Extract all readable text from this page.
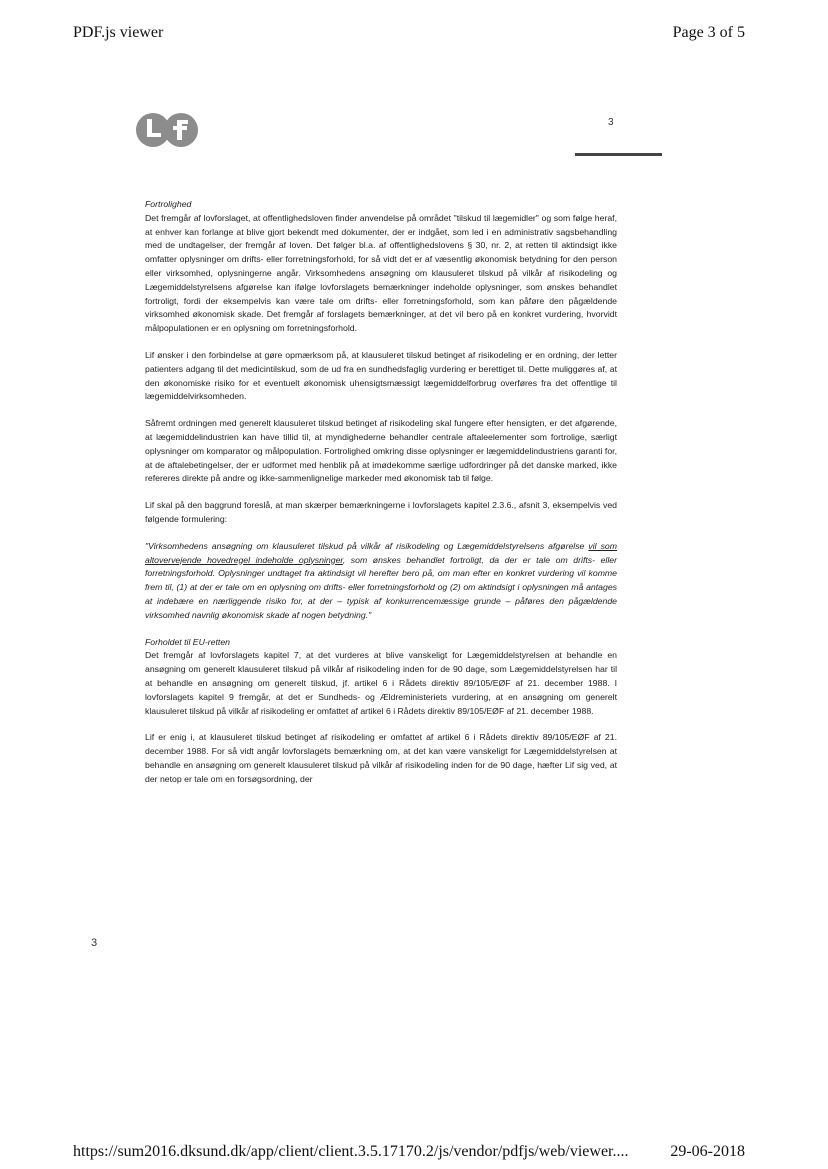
PDF.js viewer	Page 3 of 5
3
Fortrolighed

Det fremgår af lovforslaget, at offentlighedsloven finder anvendelse på området "tilskud til lægemidler" og som følge heraf, at enhver kan forlange at blive gjort bekendt med dokumenter, der er indgået, som led i en administrativ sagsbehandling med de undtagelser, der fremgår af loven. Det følger bl.a. af offentlighedslovens § 30, nr. 2, at retten til aktindsigt ikke omfatter oplysninger om drifts- eller forretningsforhold, for så vidt det er af væsentlig økonomisk betydning for den person eller virksomhed, oplysningerne angår. Virksomhedens ansøgning om klausuleret tilskud på vilkår af risikodeling og Lægemiddelstyrelsens afgørelse kan ifølge lovforslagets bemærkninger indeholde oplysninger, som ønskes behandlet fortroligt, fordi der eksempelvis kan være tale om drifts- eller forretningsforhold, som kan påføre den pågældende virksomhed økonomisk skade. Det fremgår af forslagets bemærkninger, at det vil bero på en konkret vurdering, hvorvidt målpopulationen er en oplysning om forretningsforhold.

Lif ønsker i den forbindelse at gøre opmærksom på, at klausuleret tilskud betinget af risikodeling er en ordning, der letter patienters adgang til det medicintilskud, som de ud fra en sundhedsfaglig vurdering er berettiget til. Dette muliggøres af, at den økonomiske risiko for et eventuelt økonomisk uhensigtsmæssigt lægemiddelforbrug overføres fra det offentlige til lægemiddelvirksomheden.

Såfremt ordningen med generelt klausuleret tilskud betinget af risikodeling skal fungere efter hensigten, er det afgørende, at lægemiddelindustrien kan have tillid til, at myndighederne behandler centrale aftaleelementer som fortrolige, særligt oplysninger om komparator og målpopulation. Fortrolighed omkring disse oplysninger er lægemiddelindustriens garanti for, at de aftalebetingelser, der er udformet med henblik på at imødekomme særlige udfordringer på det danske marked, ikke refereres direkte på andre og ikke-sammenlignelige markeder med økonomisk tab til følge.

Lif skal på den baggrund foreslå, at man skærper bemærkningerne i lovforslagets kapitel 2.3.6., afsnit 3, eksempelvis ved følgende formulering:

"Virksomhedens ansøgning om klausuleret tilskud på vilkår af risikodeling og Lægemiddelstyrelsens afgørelse vil som altovervejende hovedregel indeholde oplysninger, som ønskes behandlet fortroligt, da der er tale om drifts- eller forretningsforhold. Oplysninger undtaget fra aktindsigt vil herefter bero på, om man efter en konkret vurdering vil komme frem til, (1) at der er tale om en oplysning om drifts- eller forretningsforhold og (2) om aktindsigt i oplysningen må antages at indebære en nærliggende risiko for, at der – typisk af konkurrencemæssige grunde – påføres den pågældende virksomhed navnlig økonomisk skade af nogen betydning."

Forholdet til EU-retten

Det fremgår af lovforslagets kapitel 7, at det vurderes at blive vanskeligt for Lægemiddelstyrelsen at behandle en ansøgning om generelt klausuleret tilskud på vilkår af risikodeling inden for de 90 dage, som Lægemiddelstyrelsen har til at behandle en ansøgning om generelt tilskud, jf. artikel 6 i Rådets direktiv 89/105/EØF af 21. december 1988. I lovforslagets kapitel 9 fremgår, at det er Sundheds- og Ældreministeriets vurdering, at en ansøgning om generelt klausuleret tilskud på vilkår af risikodeling er omfattet af artikel 6 i Rådets direktiv 89/105/EØF af 21. december 1988.

Lif er enig i, at klausuleret tilskud betinget af risikodeling er omfattet af artikel 6 i Rådets direktiv 89/105/EØF af 21. december 1988. For så vidt angår lovforslagets bemærkning om, at det kan være vanskeligt for Lægemiddelstyrelsen at behandle en ansøgning om generelt klausuleret tilskud på vilkår af risikodeling inden for de 90 dage, hæfter Lif sig ved, at der netop er tale om en forsøgsordning, der

3
https://sum2016.dksund.dk/app/client/client.3.5.17170.2/js/vendor/pdfjs/web/viewer....	29-06-2018
